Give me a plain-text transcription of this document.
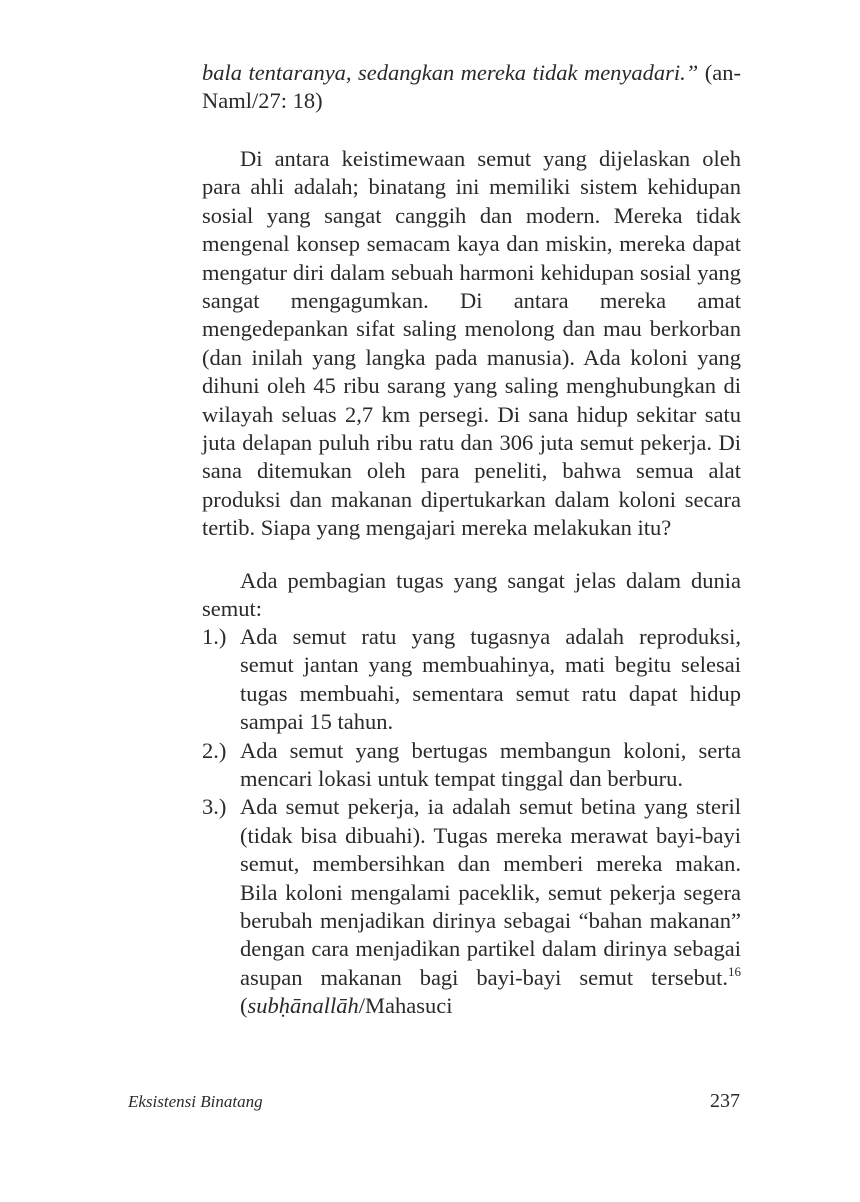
bala tentaranya, sedangkan mereka tidak menyadari.” (an-Naml/27: 18)

Di antara keistimewaan semut yang dijelaskan oleh para ahli adalah; binatang ini memiliki sistem kehidupan sosial yang sangat canggih dan modern. Mereka tidak mengenal konsep semacam kaya dan miskin, mereka dapat mengatur diri dalam sebuah harmoni kehidupan sosial yang sangat mengagumkan. Di antara mereka amat mengedepankan sifat saling menolong dan mau berkorban (dan inilah yang langka pada manusia). Ada koloni yang dihuni oleh 45 ribu sarang yang saling menghubungkan di wilayah seluas 2,7 km persegi. Di sana hidup sekitar satu juta delapan puluh ribu ratu dan 306 juta semut pekerja. Di sana ditemukan oleh para peneliti, bahwa semua alat produksi dan makanan dipertukarkan dalam koloni secara tertib. Siapa yang mengajari mereka melakukan itu?

Ada pembagian tugas yang sangat jelas dalam dunia semut:

1.) Ada semut ratu yang tugasnya adalah reproduksi, semut jantan yang membuahinya, mati begitu selesai tugas membuahi, sementara semut ratu dapat hidup sampai 15 tahun.
2.) Ada semut yang bertugas membangun koloni, serta mencari lokasi untuk tempat tinggal dan berburu.
3.) Ada semut pekerja, ia adalah semut betina yang steril (tidak bisa dibuahi). Tugas mereka merawat bayi-bayi semut, membersihkan dan memberi mereka makan. Bila koloni mengalami paceklik, semut pekerja segera berubah menjadikan dirinya sebagai “bahan makanan” dengan cara menjadikan partikel dalam dirinya sebagai asupan makanan bagi bayi-bayi semut tersebut.$^{16}$ (subḥānallāh/Mahasuci
Eksistensi Binatang	237
